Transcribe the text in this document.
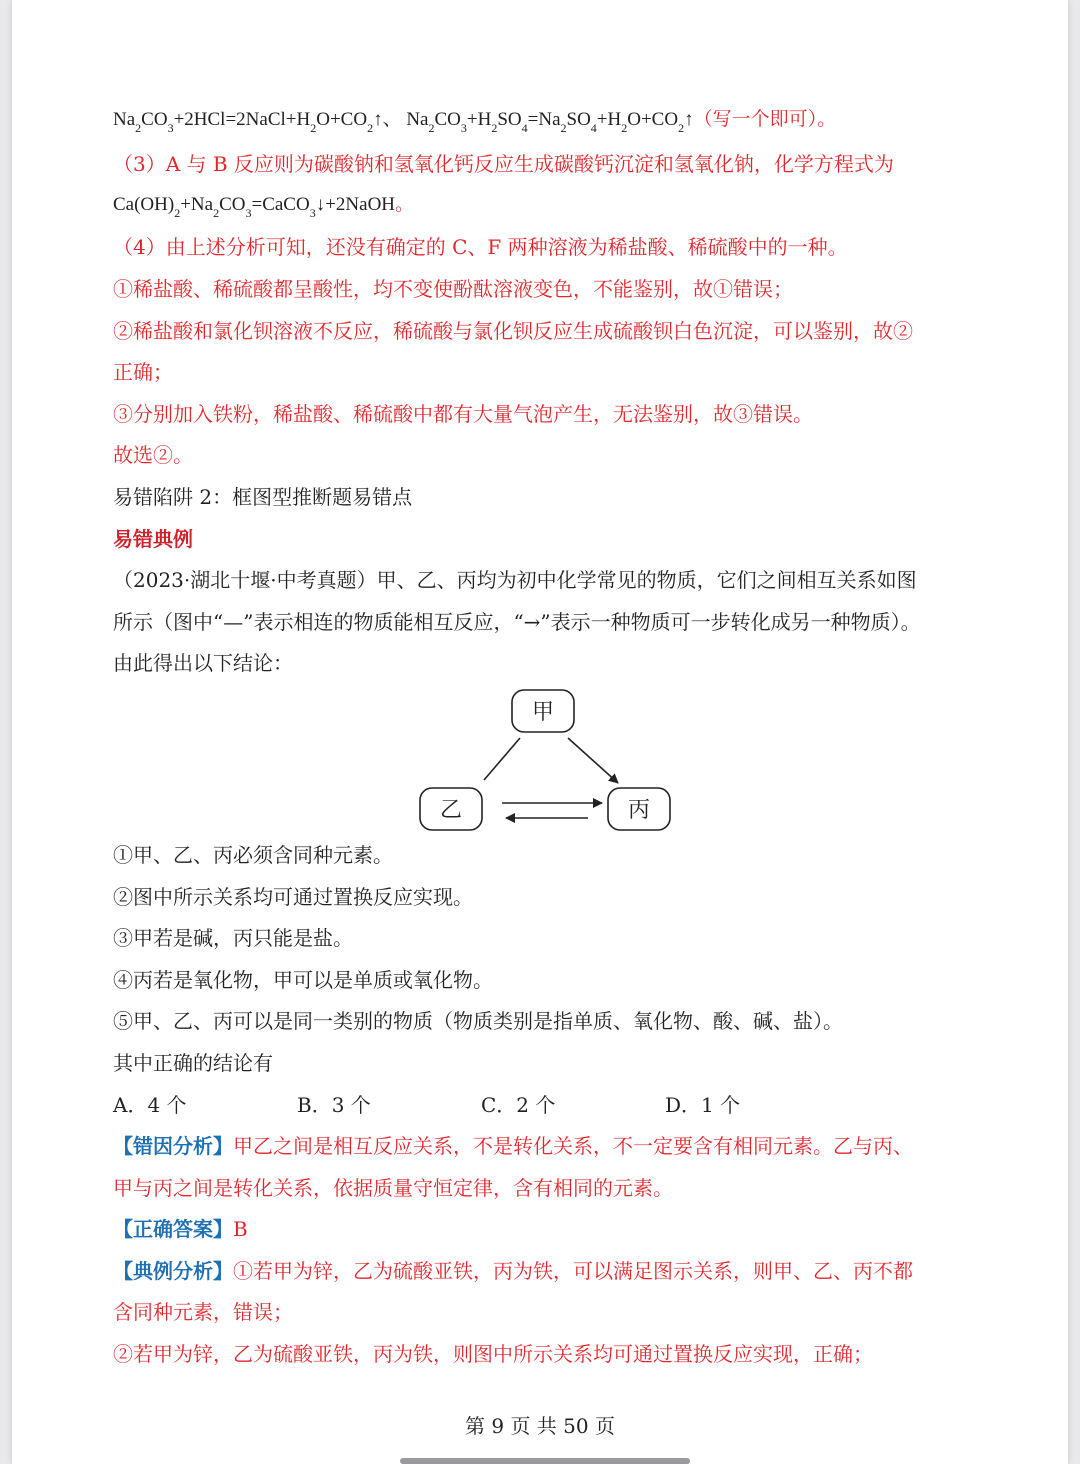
$Na_2CO_3+2HCl=2NaCl+H_2O+CO_2↑$、 $Na_2CO_3+H_2SO_4=Na_2SO_4+H_2O+CO_2↑$（写一个即可）。
（3）A 与 B 反应则为碳酸钠和氢氧化钙反应生成碳酸钙沉淀和氢氧化钠，化学方程式为
$Ca(OH)_2+Na_2CO_3=CaCO_3↓+2NaOH$。
（4）由上述分析可知，还没有确定的 C、F 两种溶液为稀盐酸、稀硫酸中的一种。
①稀盐酸、稀硫酸都呈酸性，均不变使酚酞溶液变色，不能鉴别，故①错误；
②稀盐酸和氯化钡溶液不反应，稀硫酸与氯化钡反应生成硫酸钡白色沉淀，可以鉴别，故②
正确；
③分别加入铁粉，稀盐酸、稀硫酸中都有大量气泡产生，无法鉴别，故③错误。
故选②。
易错陷阱 2：框图型推断题易错点
易错典例
（2023·湖北十堰·中考真题）甲、乙、丙均为初中化学常见的物质，它们之间相互关系如图
所示（图中“—”表示相连的物质能相互反应，“→”表示一种物质可一步转化成另一种物质）。
由此得出以下结论：
甲
乙	丙
①甲、乙、丙必须含同种元素。
②图中所示关系均可通过置换反应实现。
③甲若是碱，丙只能是盐。
④丙若是氧化物，甲可以是单质或氧化物。
⑤甲、乙、丙可以是同一类别的物质（物质类别是指单质、氧化物、酸、碱、盐）。
其中正确的结论有
A．4 个	B．3 个	C．2 个	D．1 个
【错因分析】甲乙之间是相互反应关系，不是转化关系，不一定要含有相同元素。乙与丙、
甲与丙之间是转化关系，依据质量守恒定律，含有相同的元素。
【正确答案】B
【典例分析】①若甲为锌，乙为硫酸亚铁，丙为铁，可以满足图示关系，则甲、乙、丙不都
含同种元素，错误；
②若甲为锌，乙为硫酸亚铁，丙为铁，则图中所示关系均可通过置换反应实现，正确；
第 9 页 共 50 页
